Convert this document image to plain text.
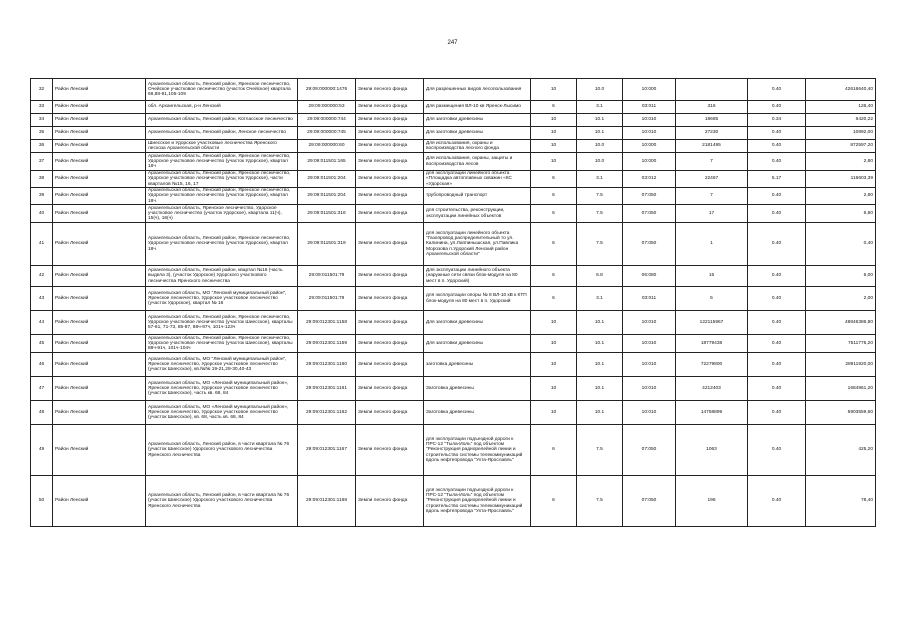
247
32	Район Ленский	Архангельская область, Ленский район, Яренское лесничество, Очейское участковое лесничество (участок Очейское) квартала 68,88-91,105-109	29:09:000000:1476	Земли лесного фонда	Для разрешенных видов лесопользования	10	10.0	10:000		0.40	42616640,40
33	Район Ленский	обл. Архангельская, р-н Ленский	29:09:000000:53	Земли лесного фонда	Для размещения ВЛ-10 кв Яренск-Лысимо	6	3.1	03:011	316	0.40	126,40
34	Район Ленский	Архангельская область, Ленский район, Котласское лесничество	29:09:000000:744	Земли лесного фонда	Для заготовки древесины	10	10.1	10:010	18685	0.34	6420,22
35	Район Ленский	Архангельская область, Ленский район, Ленское лесничество	29:09:000000:745	Земли лесного фонда	Для заготовки древесины	10	10.1	10:010	27230	0.40	10892,00
36	Район Ленский	Шиесское и Удорское участковые лесничества Яренского лесхоза Архангельской области	29:09:000000:60	Земли лесного фонда	Для использования, охраны и воспроизводства лесного фонда	10	10.0	10:000	2181495	0.40	872597,20
37	Район Ленский	Архангельская область, Ленский район, Яренское лесничество, Удорское участковое лесничество (участок Удорское), квартал 18ч	29:09:011501:165	Земли лесного фонда	Для использования, охраны, защиты и воспроизводства лесов	10	10.0	10:000	7	0.40	2,80
38	Район Ленский	Архангельская область, Ленский район, Яренское лесничество, Удорское участковое лесничество (участок Удорское), части кварталов №15, 16, 17	29:09:011501:204	Земли лесного фонда	для эксплуатации линейного объекта «Площадка автоплавных скважин «КС «Удорская»	6	3.1	03:012	22467	5.17	116603,39
39	Район Ленский	Архангельская область, Ленский район, Яренское лесничество, Удорское участковое лесничество (участок Удорское), квартал 18ч	29:09:011501:204	Земли лесного фонда	трубопроводный транспорт	6	7.5	07:050	7	0.40	2,80
40	Район Ленский	Архангельская область, Яренское лесничество, Удорское участковое лесничество (участок Удорское), квартала 11(ч), 15(ч), 16(ч)	29:09:011501:316	Земли лесного фонда	для строительства, реконструкции, эксплуатации линейных объектов	6	7.5	07:050	17	0.40	6,80
41	Район Ленский	Архангельская область, Ленский район, Яренское лесничество, Удорское участковое лесничество (участок Удорское), квартал 18ч	29:09:011501:319	Земли лесного фонда	для эксплуатации линейного объекта "Газопровод распределительный то ул. Калинина, ул.Лаппинышская, ул.Павлика Морозова п.Удорский Ленский район Архангельской области"	6	7.5	07:050	1	0.40	0,40
42	Район Ленский	Архангельская область, Ленский район, квартал №16 (часть выдела 3), (участок Удорское) Удорского участкового лесничества Яренского лесничества	29:09:011501:79	Земли лесного фонда	Для эксплуатации линейного объекта (наружные сети связи блок-модуля на 80 мест в п. Удорский)	6	6.8	06:080	15	0.40	6,00
43	Район Ленский	Архангельская область, МО "Ленский муниципальный район", Яренское лесничество, Удорское участковое лесничество (участок Удорское), квартал № 16	29:09:011501:79	Земли лесного фонда	для эксплуатации опоры № 8 ВЛ-10 кВ к КТП блок-модуля на 80 мест в п. Удорский	6	3.1	03:011	5	0.40	2,00
44	Район Ленский	Архангельская область, Ленский район, Яренское лесничество, Удорское участковое лесничество (участок Шиесское), кварталы 57-61, 71-73, 85-87, 88ч-97ч, 101ч-123ч	29:09:012301:1158	Земли лесного фонда	Для заготовки древесины	10	10.1	10:010	122115967	0.40	48846386,80
45	Район Ленский	Архангельская область, Ленский район, Яренское лесничество, Удорское участковое лесничество (участок Шиесское), кварталы 88ч-91ч, 101ч-104ч	29:09:012301:1159	Земли лесного фонда	Для заготовки древесины	10	10.1	10:010	18779438	0.40	7511775,20
46	Район Ленский	Архангельская область, МО "Ленский муниципальный район", Яренское лесничество, Удорское участковое лесничество (участок Шиесское), кв.№№ 19-21,28-30,40-43	29:09:012301:1160	Земли лесного фонда	заготовка древесины	10	10.1	10:010	72279800	0.40	28911920,00
47	Район Ленский	Архангельская область, МО «Ленский муниципальный район», Яренское лесничество, Удорское участковое лесничество (участок Шиесское), часть кв. 68, 84	29:09:012301:1161	Земли лесного фонда	Заготовка древесины	10	10.1	10:010	4212403	0.40	1684961,20
48	Район Ленский	Архангельская область, МО «Ленский муниципальный район», Яренское лесничество, Удорское участковое лесничество (участок Шиесское), кв. 68, часть кв. 68, 84	29:09:012301:1162	Земли лесного фонда	Заготовка древесины	10	10.1	10:010	14758899	0.40	5903559,60
49	Район Ленский	Архангельская область, Ленский район, в части квартала № 76 (участок Шиесское) Удорского участкового лесничества Яренского лесничества	29:09:012301:1167	Земли лесного фонда	для эксплуатации подъездной дороги к ПРС-12 "Тыла-Иоль" под объектом "Реконструкция радиорелейной линии и строительство системы телекоммуникаций вдоль нефтепровода "Ухта-Ярославль"	6	7.5	07:050	1063	0.40	425,20
50	Район Ленский	Архангельская область, Ленский район, в части квартала № 76 (участок Шиесское) Удорского участкового лесничества Яренского лесничества	29:09:012301:1168	Земли лесного фонда	для эксплуатации подъездной дороги к ПРС-12 "Тыла-Иоль" под объектом "Реконструкция радиорелейной линии и строительство системы телекоммуникаций вдоль нефтепровода "Ухта-Ярославль"	6	7.5	07:050	196	0.40	78,40
